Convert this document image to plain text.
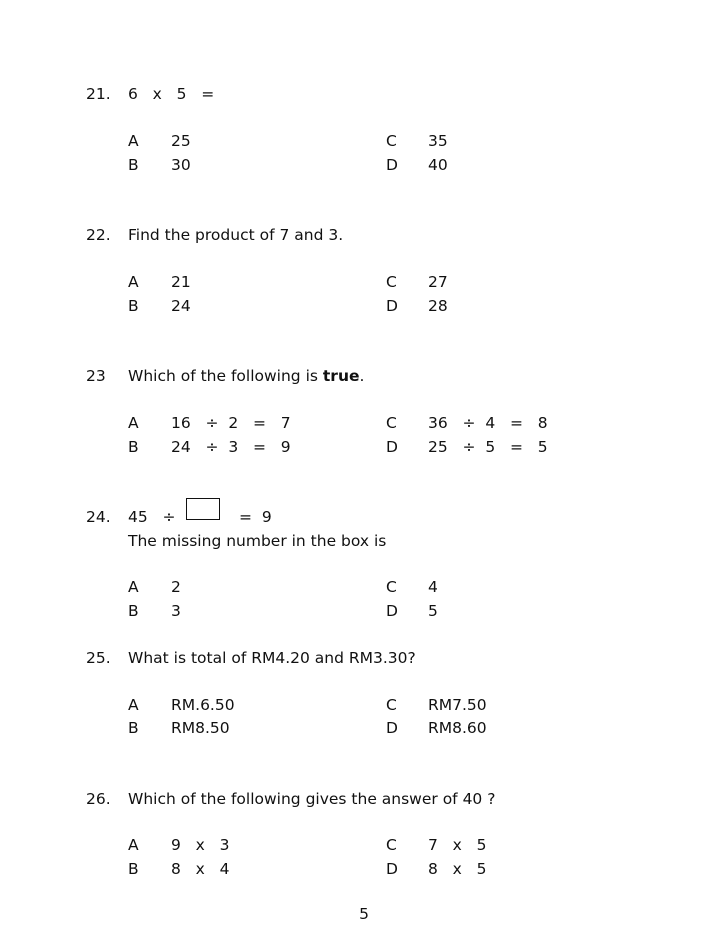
21. 6   x   5   =
A 25
B 30
C 35
D 40
22. Find the product of 7 and 3.
A 21
B 24
C 27
D 28
23 Which of the following is true.
A 16   ÷  2   =   7
B 24   ÷  3   =   9
C 36   ÷  4   =   8
D 25   ÷  5   =   5
24. 45   ÷	=  9
The missing number in the box is
A 2
B 3
C 4
D 5
25. What is total of RM4.20 and RM3.30?
A RM.6.50
B RM8.50
C RM7.50
D RM8.60
26. Which of the following gives the answer of 40 ?
A 9   x   3
B 8   x   4
C 7   x   5
D 8   x   5
5
